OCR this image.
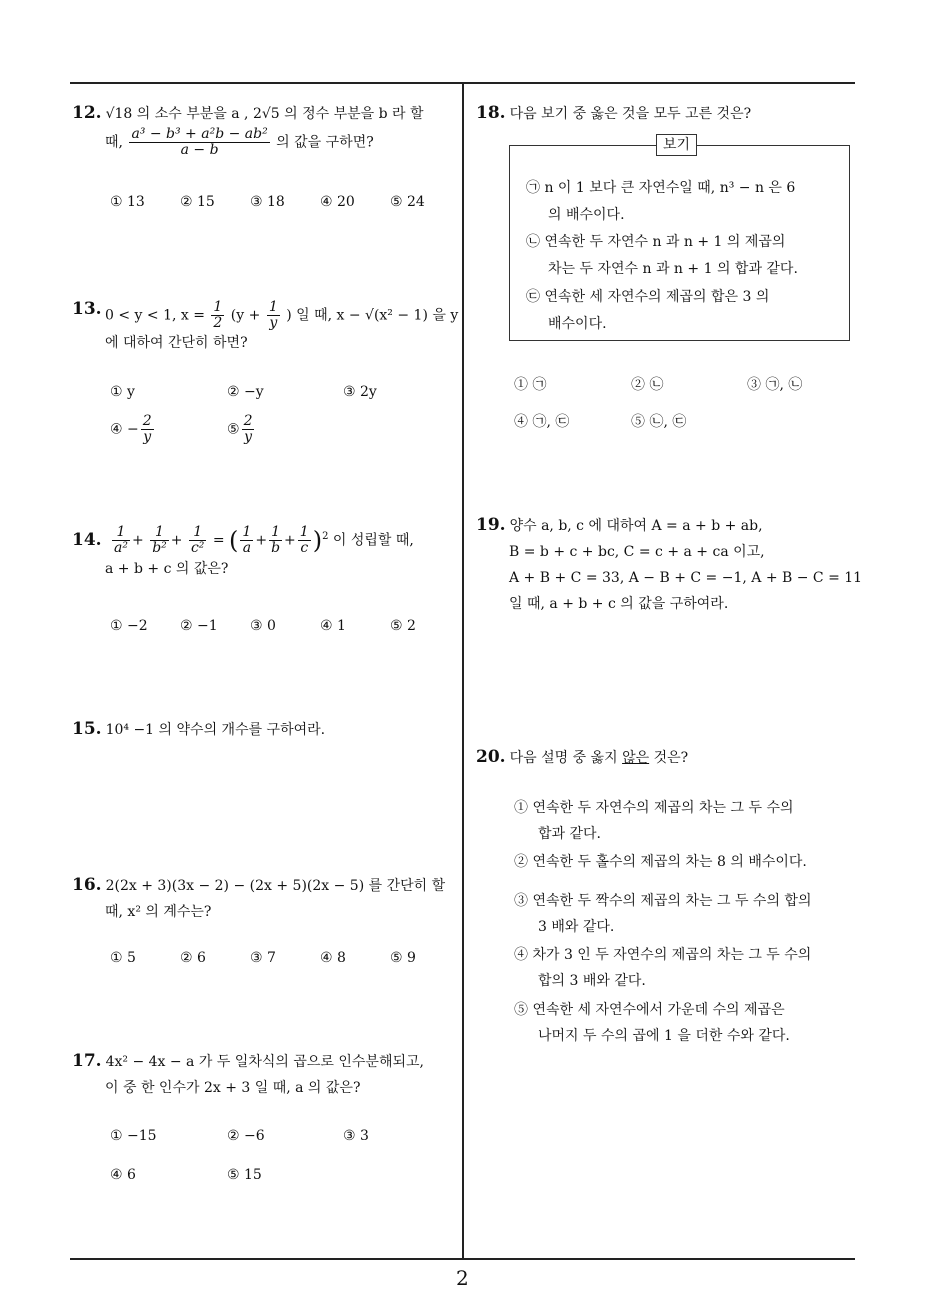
12. √18 의 소수 부분을 a , 2√5 의 정수 부분을 b 라 할
때, $\frac{\text{a³ − b³ + a²b − ab²}}{a - b}$ 의 값을 구하면?
① 13	② 15	③ 18	④ 20	⑤ 24
13. 0 < y < 1, $x = \frac{1}{2} (y + \frac{1}{y}$ ) 일 때, x − √(x² − 1) 을 y
에 대하여 간단히 하면?
① y	② −y	③ 2y
④ − $\frac{2}{y}$	⑤ $\frac{2}{y}$
14. $\frac{1}{\text{a²}} + \frac{1}{\text{b²}} + \frac{1}{\text{c²}}$ = ( $\frac{1}{a} + \frac{1}{b} + \frac{1}{c} )^2$ 이 성립할 때,
a + b + c 의 값은?
① −2 ② −1 ③ 0	④ 1	⑤ 2
15. 10⁴ −1 의 약수의 개수를 구하여라.
16. 2(2x + 3)(3x − 2) − (2x + 5)(2x − 5) 를 간단히 할
때, x² 의 계수는?
① 5	② 6	③ 7	④ 8	⑤ 9
17. 4x² − 4x − a 가 두 일차식의 곱으로 인수분해되고,
이 중 한 인수가 2x + 3 일 때, a 의 값은?
① −15	② −6	③ 3
④ 6	⑤ 15
18. 다음 보기 중 옳은 것을 모두 고른 것은?
보기
㉠ n 이 1 보다 큰 자연수일 때, n³ − n 은 6
의 배수이다.
㉡ 연속한 두 자연수 n 과 n + 1 의 제곱의
차는 두 자연수 n 과 n + 1 의 합과 같다.
㉢ 연속한 세 자연수의 제곱의 합은 3 의
배수이다.
① ㉠	② ㉡	③ ㉠, ㉡
④ ㉠, ㉢	⑤ ㉡, ㉢
19. 양수 a, b, c 에 대하여 A = a + b + ab,
B = b + c + bc, C = c + a + ca 이고,
A + B + C = 33, A − B + C = −1, A + B − C = 11
일 때, a + b + c 의 값을 구하여라.
20. 다음 설명 중 옳지 않은 것은?
① 연속한 두 자연수의 제곱의 차는 그 두 수의
합과 같다.
② 연속한 두 홀수의 제곱의 차는 8 의 배수이다.
③ 연속한 두 짝수의 제곱의 차는 그 두 수의 합의
3 배와 같다.
④ 차가 3 인 두 자연수의 제곱의 차는 그 두 수의
합의 3 배와 같다.
⑤ 연속한 세 자연수에서 가운데 수의 제곱은
나머지 두 수의 곱에 1 을 더한 수와 같다.
2
